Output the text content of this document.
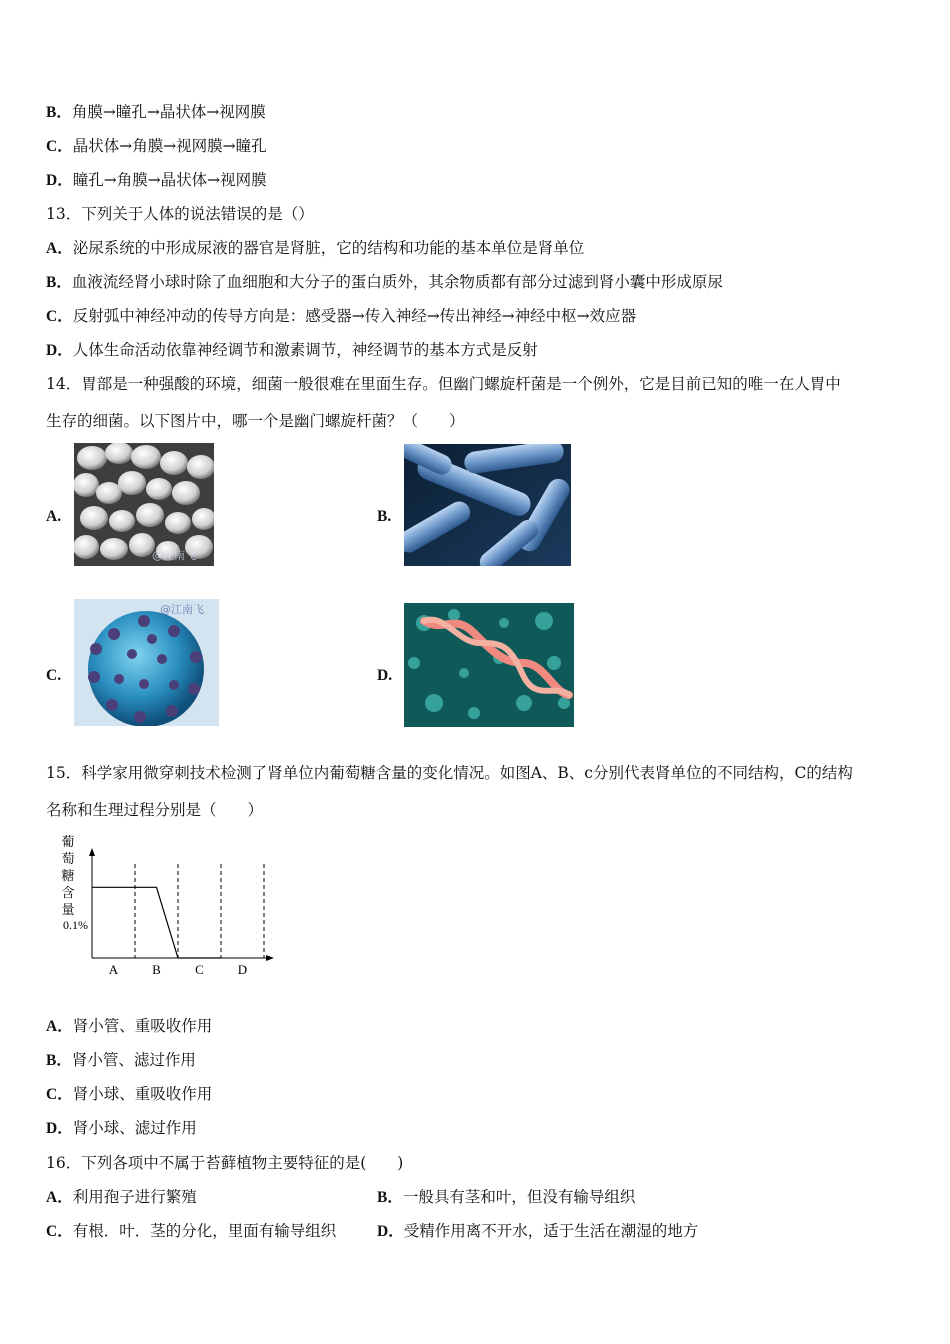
B．角膜→瞳孔→晶状体→视网膜
C．晶状体→角膜→视网膜→瞳孔
D．瞳孔→角膜→晶状体→视网膜
13．下列关于人体的说法错误的是（）
A．泌尿系统的中形成尿液的器官是肾脏，它的结构和功能的基本单位是肾单位
B．血液流经肾小球时除了血细胞和大分子的蛋白质外，其余物质都有部分过滤到肾小囊中形成原尿
C．反射弧中神经冲动的传导方向是：感受器→传入神经→传出神经→神经中枢→效应器
D．人体生命活动依靠神经调节和激素调节，神经调节的基本方式是反射
14．胃部是一种强酸的环境，细菌一般很难在里面生存。但幽门螺旋杆菌是一个例外，它是目前已知的唯一在人胃中
生存的细菌。以下图片中，哪一个是幽门螺旋杆菌？（　　）
A.
@江南飞
B.
C.
@江南飞
D.
15．科学家用微穿刺技术检测了肾单位内葡萄糖含量的变化情况。如图A、B、c分别代表肾单位的不同结构，C的结构
名称和生理过程分别是（　　）
葡
萄
糖
含
量
0.1%
A	B	C	D
A．肾小管、重吸收作用
B．肾小管、滤过作用
C．肾小球、重吸收作用
D．肾小球、滤过作用
16．下列各项中不属于苔藓植物主要特征的是(　　)
A．利用孢子进行繁殖	B．一般具有茎和叶，但没有输导组织
C．有根．叶．茎的分化，里面有输导组织	D．受精作用离不开水，适于生活在潮湿的地方
